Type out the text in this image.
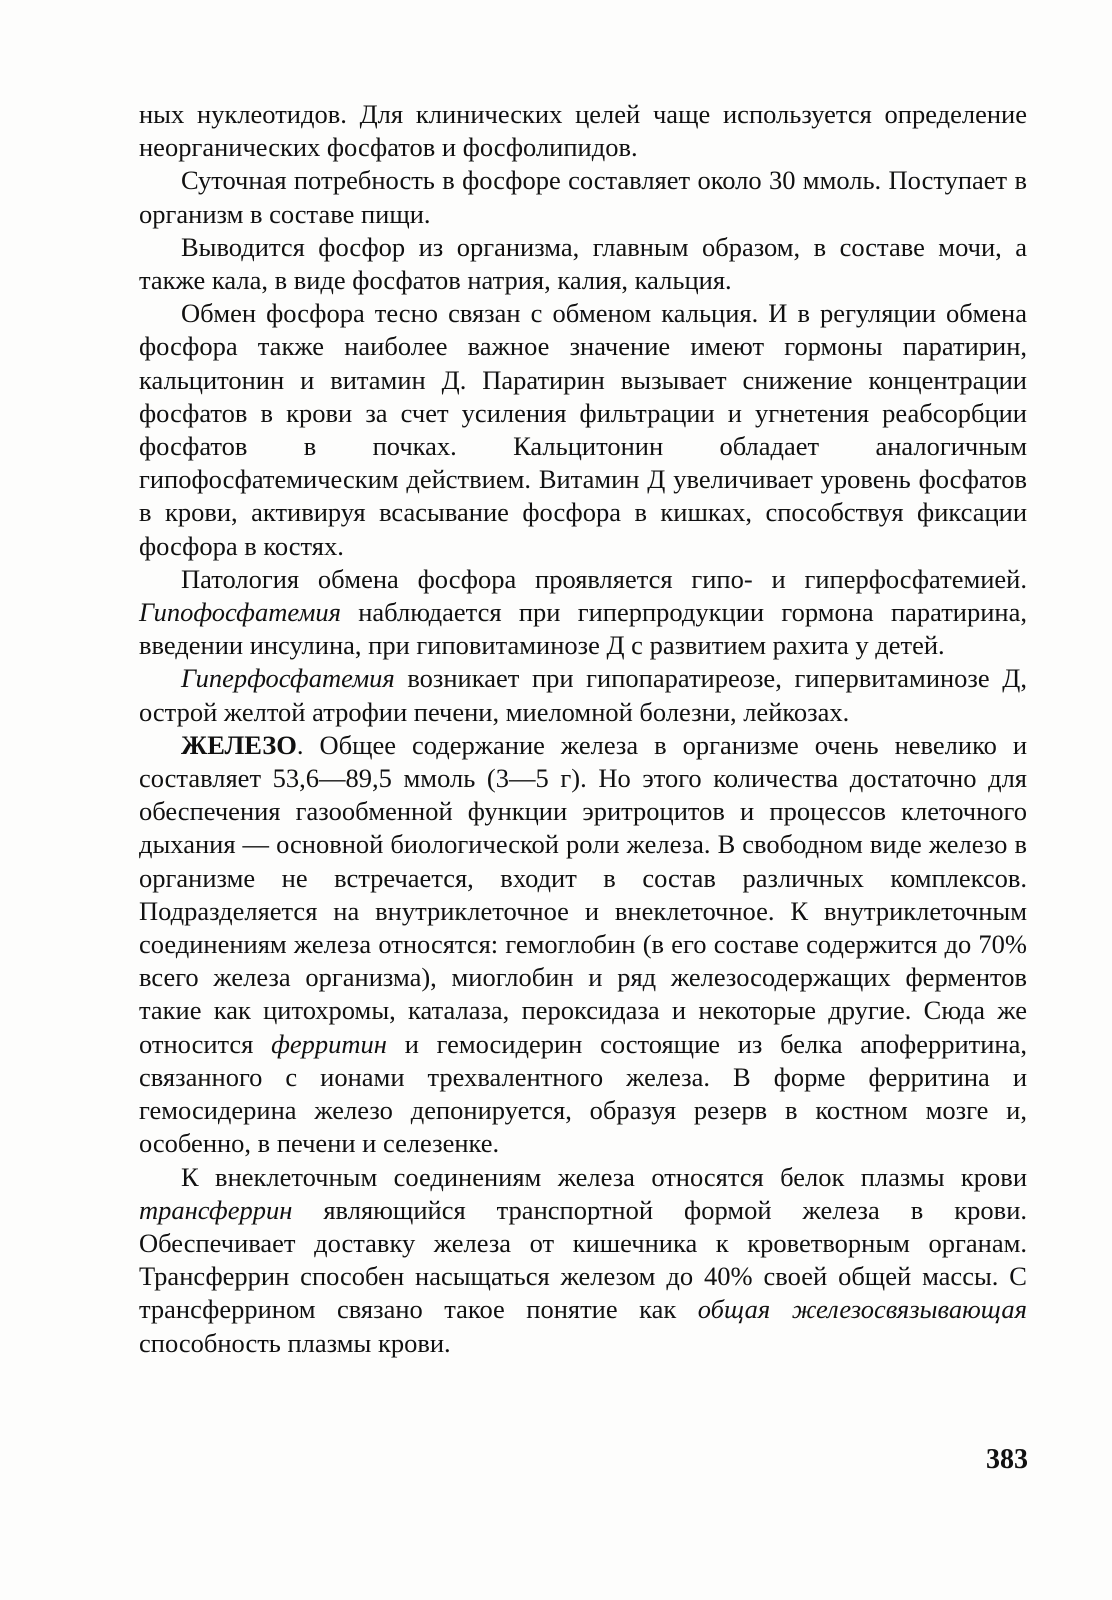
ных нуклеотидов. Для клинических целей чаще используется определение неорганических фосфатов и фосфолипидов.

Суточная потребность в фосфоре составляет около 30 ммоль. Поступает в организм в составе пищи.

Выводится фосфор из организма, главным образом, в составе мочи, а также кала, в виде фосфатов натрия, калия, кальция.

Обмен фосфора тесно связан с обменом кальция. И в регуляции обмена фосфора также наиболее важное значение имеют гормоны паратирин, кальцитонин и витамин Д. Паратирин вызывает снижение концентрации фосфатов в крови за счет усиления фильтрации и угнетения реабсорбции фосфатов в почках. Кальцитонин обладает аналогичным гипофосфатемическим действием. Витамин Д увеличивает уровень фосфатов в крови, активируя всасывание фосфора в кишках, способствуя фиксации фосфора в костях.

Патология обмена фосфора проявляется гипо- и гиперфосфатемией. Гипофосфатемия наблюдается при гиперпродукции гормона паратирина, введении инсулина, при гиповитаминозе Д с развитием рахита у детей.

Гиперфосфатемия возникает при гипопаратиреозе, гипервитаминозе Д, острой желтой атрофии печени, миеломной болезни, лейкозах.

ЖЕЛЕЗО. Общее содержание железа в организме очень невелико и составляет 53,6—89,5 ммоль (3—5 г). Но этого количества достаточно для обеспечения газообменной функции эритроцитов и процессов клеточного дыхания — основной биологической роли железа. В свободном виде железо в организме не встречается, входит в состав различных комплексов. Подразделяется на внутриклеточное и внеклеточное. К внутриклеточным соединениям железа относятся: гемоглобин (в его составе содержится до 70% всего железа организма), миоглобин и ряд железосодержащих ферментов такие как цитохромы, каталаза, пероксидаза и некоторые другие. Сюда же относится ферритин и гемосидерин состоящие из белка апоферритина, связанного с ионами трехвалентного железа. В форме ферритина и гемосидерина железо депонируется, образуя резерв в костном мозге и, особенно, в печени и селезенке.

К внеклеточным соединениям железа относятся белок плазмы крови трансферрин являющийся транспортной формой железа в крови. Обеспечивает доставку железа от кишечника к кроветворным органам. Трансферрин способен насыщаться железом до 40% своей общей массы. С трансферрином связано такое понятие как общая железосвязывающая способность плазмы крови.

383
